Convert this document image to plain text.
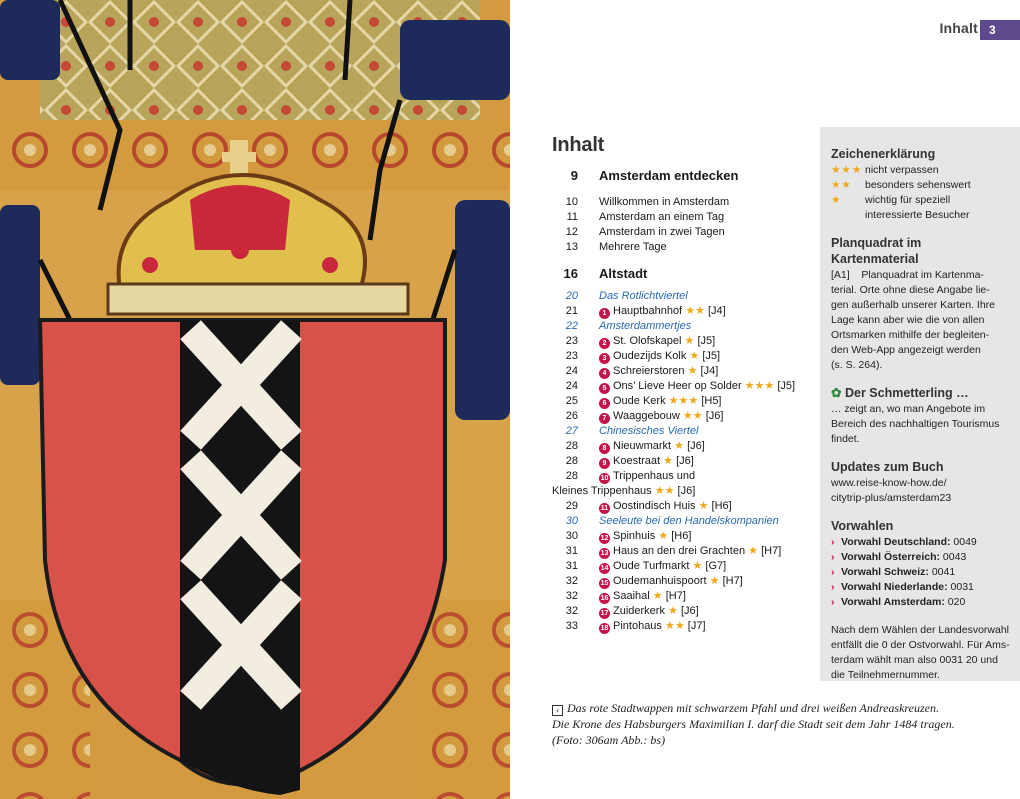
Inhalt 3
Inhalt
9 Amsterdam entdecken
10 Willkommen in Amsterdam
11 Amsterdam an einem Tag
12 Amsterdam in zwei Tagen
13 Mehrere Tage
16 Altstadt
20 Das Rotlichtviertel
21	1 Hauptbahnhof ★★ [J4]
22 Amsterdammertjes
23	2 St. Olofskapel ★ [J5]
23	3 Oudezijds Kolk ★ [J5]
24	4 Schreierstoren ★ [J4]
24	5 Ons’ Lieve Heer op Solder ★★★ [J5]
25	6 Oude Kerk ★★★ [H5]
26	7 Waaggebouw ★★ [J6]
27 Chinesisches Viertel
28	8 Nieuwmarkt ★ [J6]
28	9 Koestraat ★ [J6]
28	10 Trippenhaus und
Kleines Trippenhaus ★★ [J6]
29	11 Oostindisch Huis ★ [H6]
30 Seeleute bei den Handelskompanien
30	12 Spinhuis ★ [H6]
31	13 Haus an den drei Grachten ★ [H7]
31	14 Oude Turfmarkt ★ [G7]
32	15 Oudemanhuispoort ★ [H7]
32	16 Saaihal ★ [H7]
32	17 Zuiderkerk ★ [J6]
33	18 Pintohaus ★★ [J7]
Zeichenerklärung
★★★ nicht verpassen
★★	besonders sehenswert
★	wichtig für speziell
interessierte Besucher
Planquadrat im Kartenmaterial
[A1]    Planquadrat im Kartenma-
terial. Orte ohne diese Angabe lie-
gen außerhalb unserer Karten. Ihre
Lage kann aber wie die von allen
Ortsmarken mithilfe der begleiten-
den Web-App angezeigt werden
(s. S. 264).
✿ Der Schmetterling …
… zeigt an, wo man Angebote im
Bereich des nachhaltigen Tourismus
findet.
Updates zum Buch
www.reise-know-how.de/
citytrip-plus/amsterdam23
Vorwahlen
› Vorwahl Deutschland: 0049
› Vorwahl Österreich: 0043
› Vorwahl Schweiz: 0041
› Vorwahl Niederlande: 0031
› Vorwahl Amsterdam: 020
Nach dem Wählen der Landesvorwahl
entfällt die 0 der Ostvorwahl. Für Ams-
terdam wählt man also 0031 20 und
die Teilnehmernummer.
‹ Das rote Stadtwappen mit schwarzem Pfahl und drei weißen Andreaskreuzen.
Die Krone des Habsburgers Maximilian I. darf die Stadt seit dem Jahr 1484 tragen.
(Foto: 306am Abb.: bs)
